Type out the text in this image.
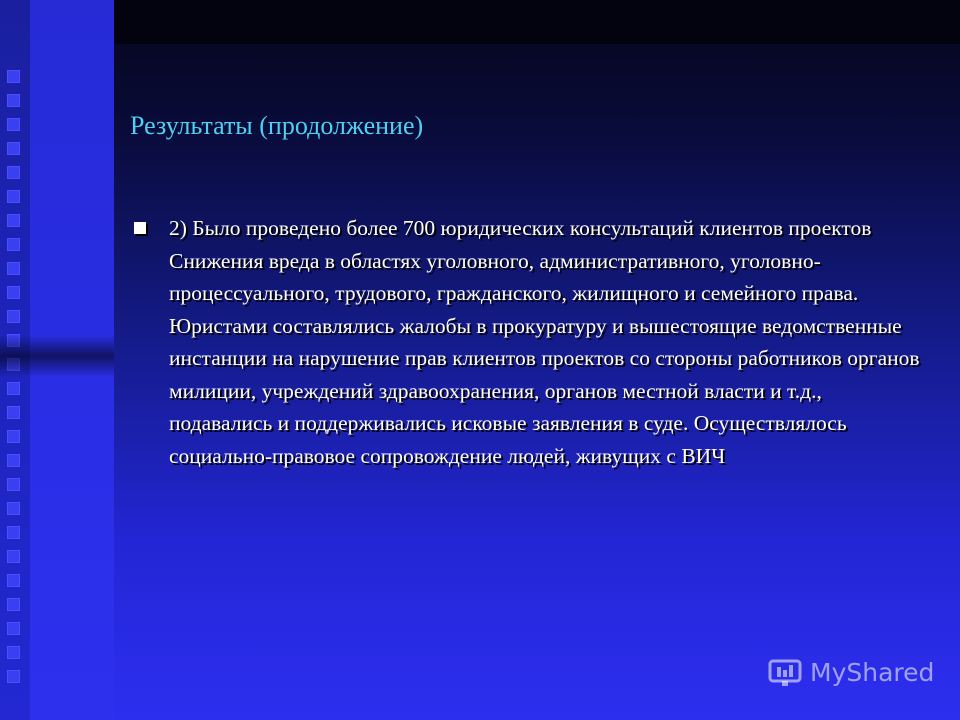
Результаты (продолжение)
2) Было проведено более 700 юридических консультаций клиентов проектов Снижения вреда в областях уголовного, административного, уголовно-процессуального, трудового, гражданского, жилищного и семейного права. Юристами составлялись жалобы в прокуратуру и вышестоящие ведомственные инстанции на нарушение прав клиентов проектов со стороны работников органов милиции, учреждений здравоохранения, органов местной власти и т.д., подавались и поддерживались исковые заявления в суде. Осуществлялось социально-правовое сопровождение людей, живущих с ВИЧ
MyShared
